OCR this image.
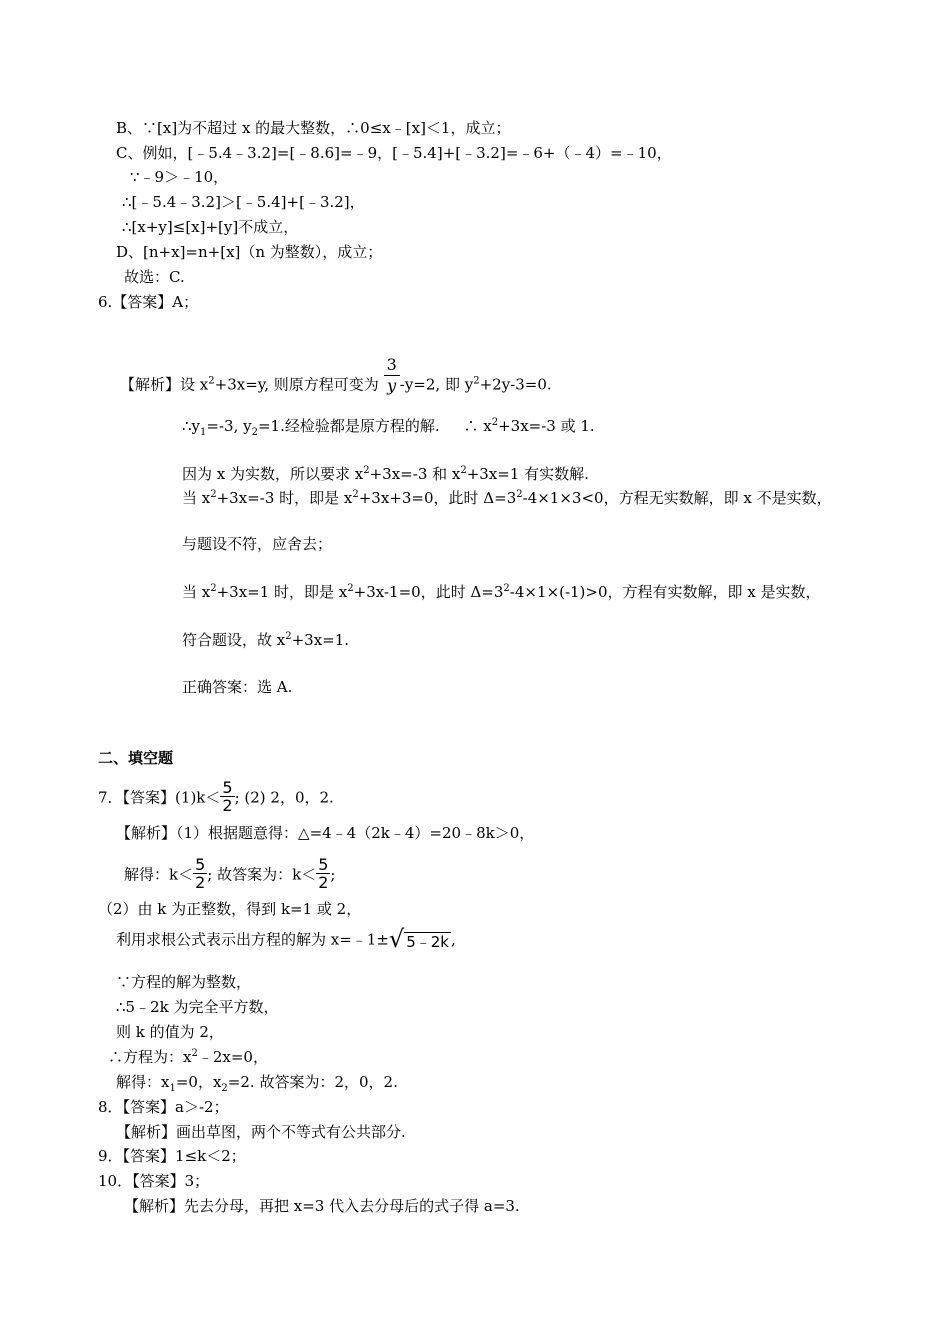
B、∵[x]为不超过 x 的最大整数，∴0≤x﹣[x]＜1，成立；
C、例如，[﹣5.4﹣3.2]=[﹣8.6]=﹣9，[﹣5.4]+[﹣3.2]=﹣6+（﹣4）=﹣10，
∵﹣9＞﹣10，
∴[﹣5.4﹣3.2]＞[﹣5.4]+[﹣3.2]，
∴[x+y]≤[x]+[y]不成立，
D、[n+x]=n+[x]（n 为整数），成立；
故选：C.
6.【答案】A；
【解析】设 $x^2+3x=y$, 则原方程可变为 $\frac{3}{y} -y=2$, 即 $y^2+2y-3=0$.
$\therefore y_1=-3$, $y_2=1$.经检验都是原方程的解. ∴ $x^2+3x=-3$ 或 1.
因为 x 为实数，所以要求 $x^2+3x=-3$ 和 $x^2+3x=1$ 有实数解.
当 $x^2+3x=-3$ 时，即是 $x^2+3x+3=0$，此时 $\Delta=3^2-4\times 1\times 3<0$，方程无实数解，即 x 不是实数，
与题设不符，应舍去；
当 $x^2+3x=1$ 时，即是 $x^2+3x-1=0$，此时 $\Delta=3^2-4\times 1\times(-1)>0$，方程有实数解，即 x 是实数，
符合题设，故 $x^2+3x=1$.
正确答案：选 A.
二、填空题
7．【答案】$(1)k< \frac{5}{2}$ ; (2) 2，0，2.
【解析】（1）根据题意得：△=4﹣4（2k﹣4）=20﹣8k＞0，
解得：$k< \frac{5}{2}$ ; 故答案为：$k< \frac{5}{2}$ ;
（2）由 k 为正整数，得到 k=1 或 2，
利用求根公式表示出方程的解为 x=﹣1±√ 5﹣2k ,
∵方程的解为整数，
∴5﹣2k 为完全平方数，
则 k 的值为 2，
∴方程为：$x^2﹣2x=0$，
解得：$x_1=0$，$x_2=2$. 故答案为：2，0，2.
8．【答案】a＞-2；
【解析】画出草图，两个不等式有公共部分.
9．【答案】1≤k＜2；
10．【答案】3；
【解析】先去分母，再把 x=3 代入去分母后的式子得 a=3.
